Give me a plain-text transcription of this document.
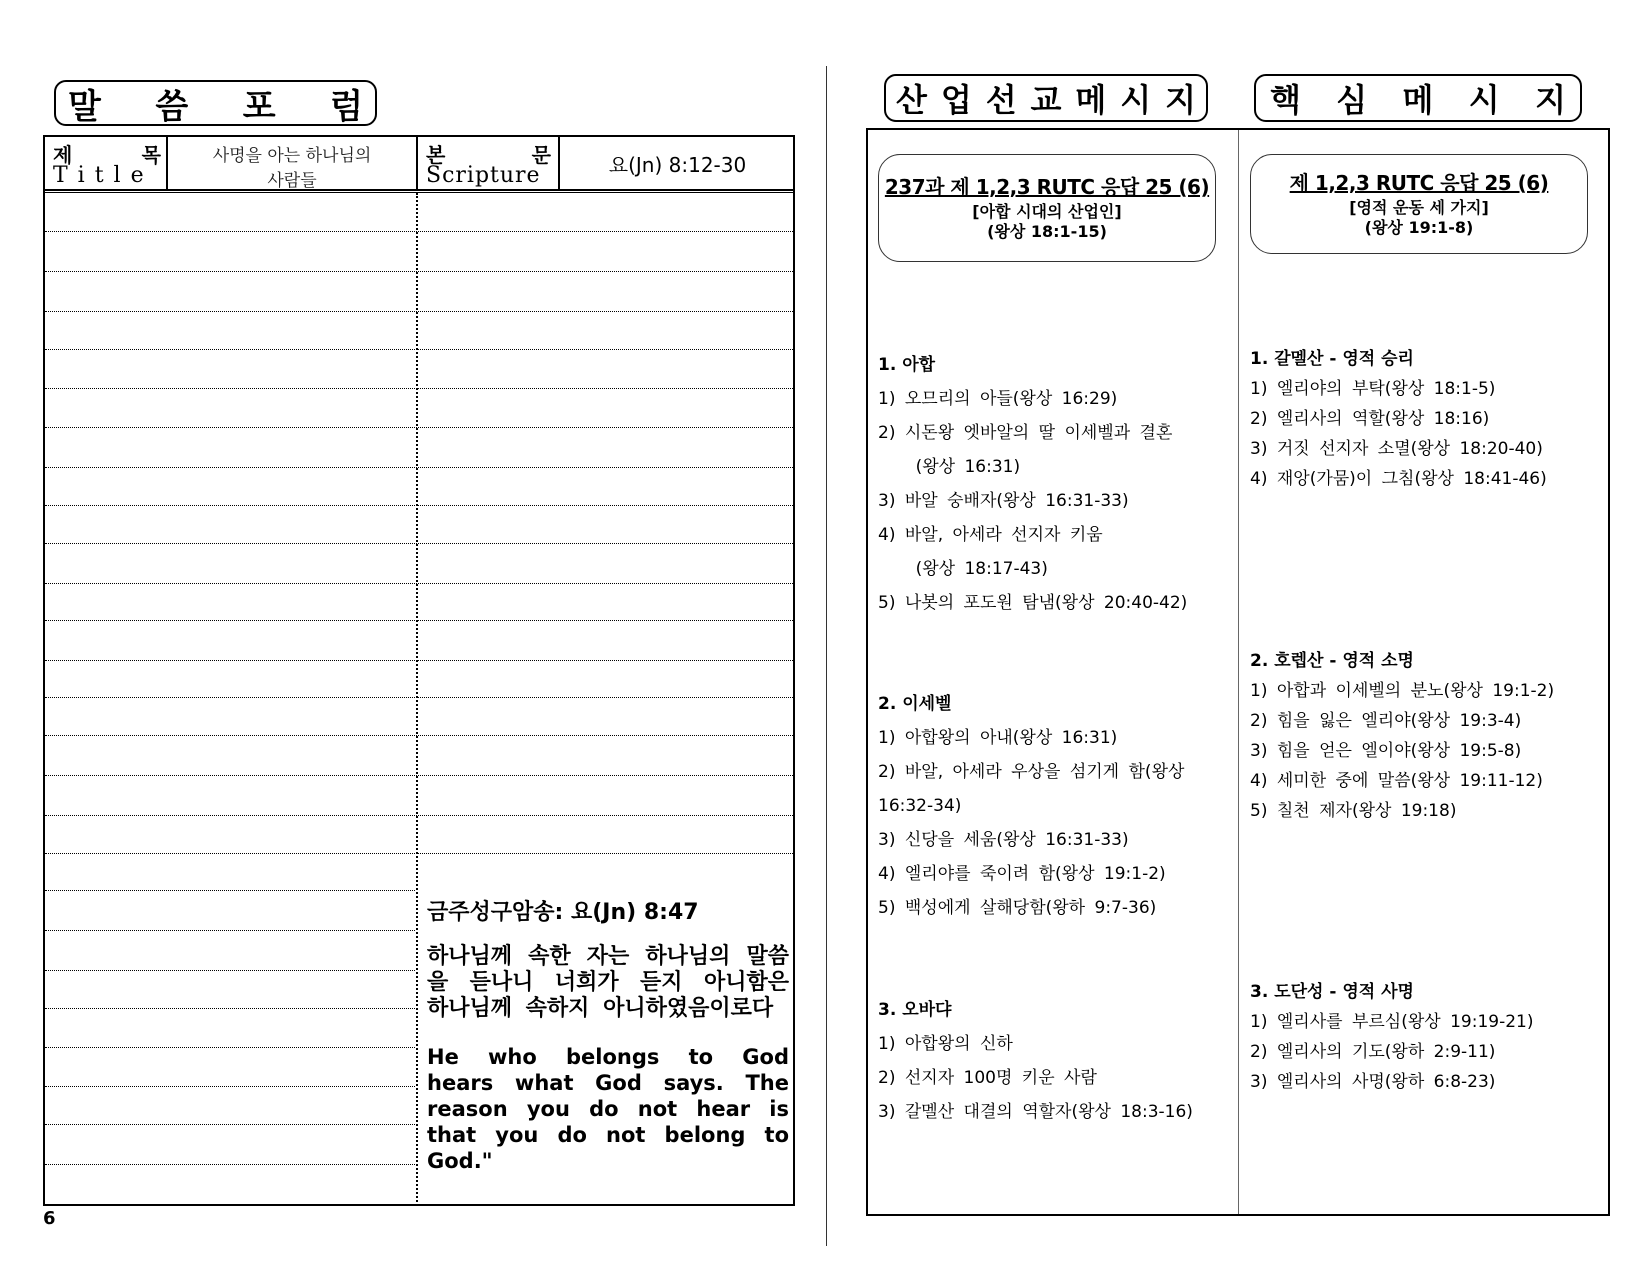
말 씀 포 럼
제    목
Title
사명을 아는 하나님의
사람들
본    문
Scripture	요(Jn) 8:12-30
금주성구암송: 요(Jn) 8:47
하나님께 속한 자는 하나님의 말씀을 듣나니 너희가 듣지 아니함은 하나님께 속하지 아니하였음이로다
He who belongs to God hears what God says. The reason you do not hear is that you do not belong to God."
6
산 업 선 교 메 시 지 핵 심 메 시 지
237과 제 1,2,3 RUTC 응답 25 (6)
[아합 시대의 산업인]
(왕상 18:1-15)
1. 아합
1) 오므리의 아들(왕상 16:29)
2) 시돈왕 엣바알의 딸 이세벨과 결혼
(왕상 16:31)
3) 바알 숭배자(왕상 16:31-33)
4) 바알, 아세라 선지자 키움
(왕상 18:17-43)
5) 나봇의 포도원 탐냄(왕상 20:40-42)
2. 이세벨
1) 아합왕의 아내(왕상 16:31)
2) 바알, 아세라 우상을 섬기게 함(왕상
16:32-34)
3) 신당을 세움(왕상 16:31-33)
4) 엘리야를 죽이려 함(왕상 19:1-2)
5) 백성에게 살해당함(왕하 9:7-36)
3. 오바댜
1) 아합왕의 신하
2) 선지자 100명 키운 사람
3) 갈멜산 대결의 역할자(왕상 18:3-16)
제 1,2,3 RUTC 응답 25 (6)
[영적 운동 세 가지]
(왕상 19:1-8)
1. 갈멜산 - 영적 승리
1) 엘리야의 부탁(왕상 18:1-5)
2) 엘리사의 역할(왕상 18:16)
3) 거짓 선지자 소멸(왕상 18:20-40)
4) 재앙(가뭄)이 그침(왕상 18:41-46)
2. 호렙산 - 영적 소명
1) 아합과 이세벨의 분노(왕상 19:1-2)
2) 힘을 잃은 엘리야(왕상 19:3-4)
3) 힘을 얻은 엘이야(왕상 19:5-8)
4) 세미한 중에 말씀(왕상 19:11-12)
5) 칠천 제자(왕상 19:18)
3. 도단성 - 영적 사명
1) 엘리사를 부르심(왕상 19:19-21)
2) 엘리사의 기도(왕하 2:9-11)
3) 엘리사의 사명(왕하 6:8-23)
